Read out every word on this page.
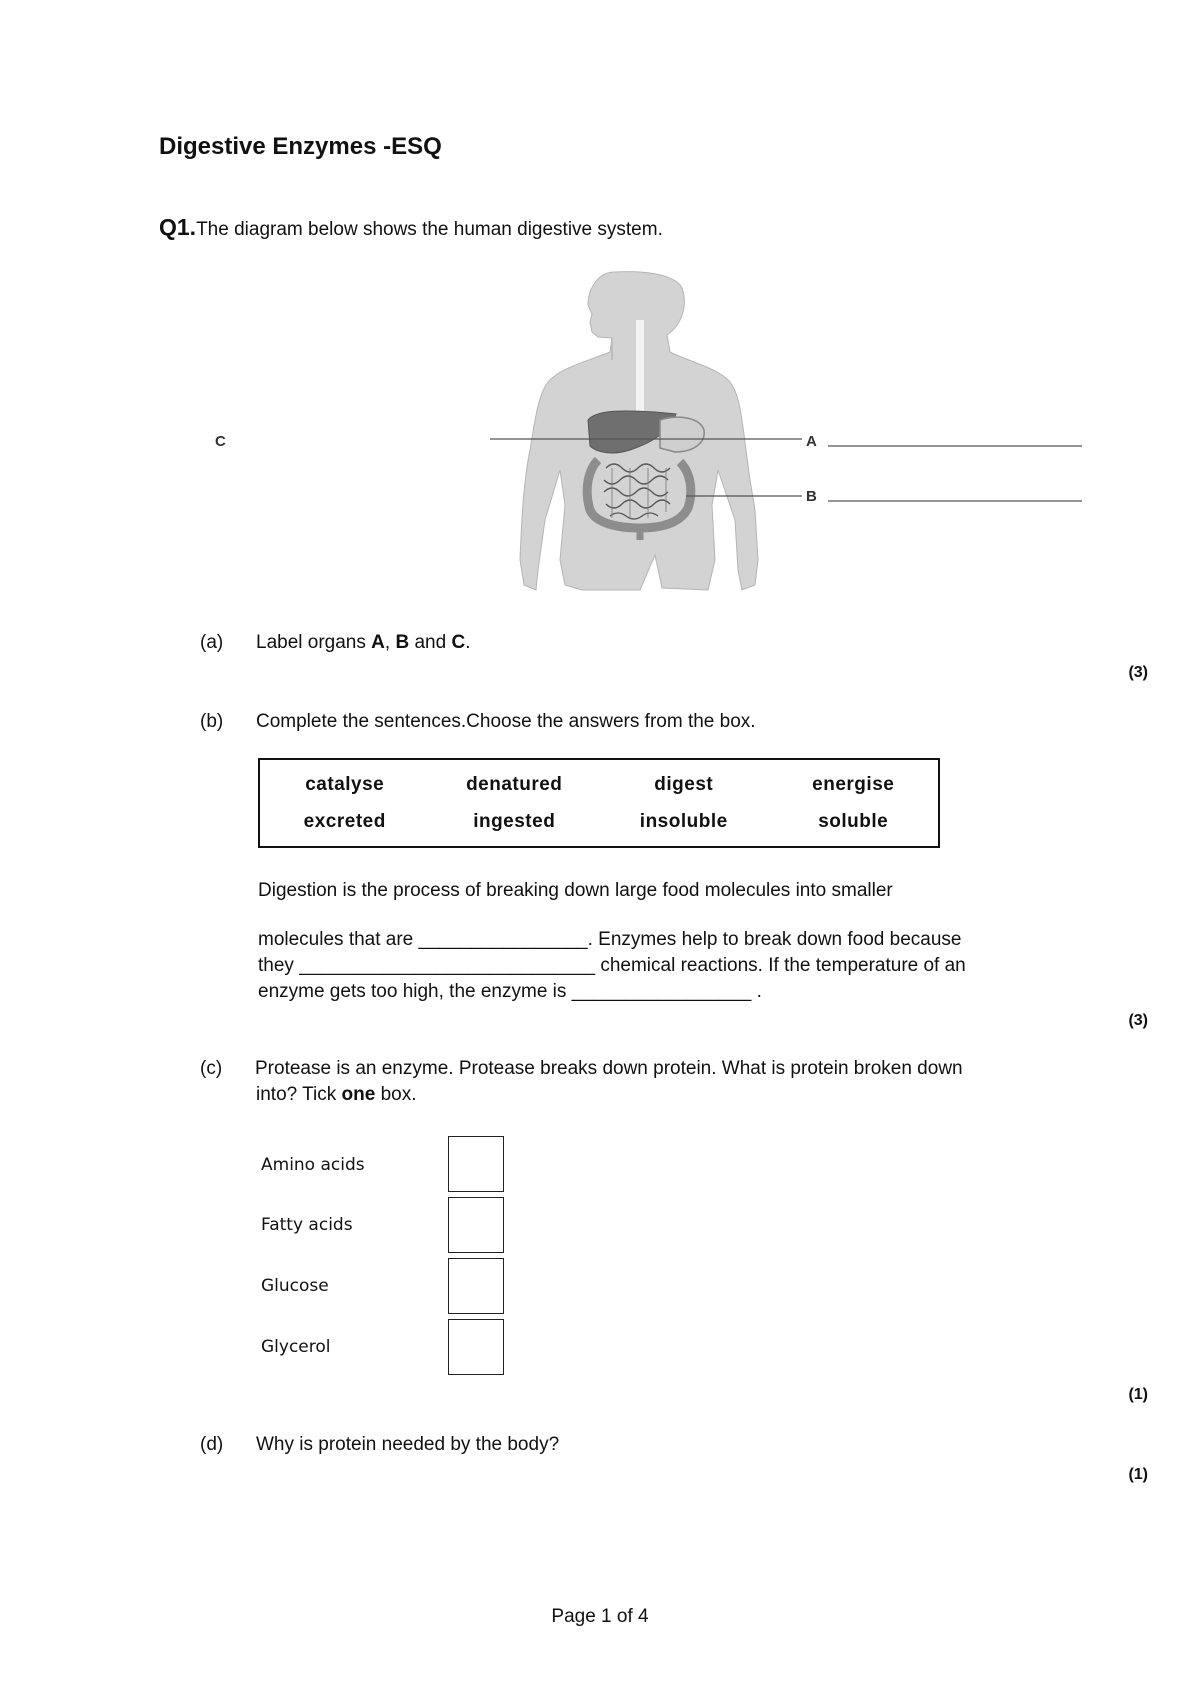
Digestive Enzymes -ESQ
Q1.The diagram below shows the human digestive system.
C	A
B
(a) Label organs A, B and C.
(3)
(b) Complete the sentences.Choose the answers from the box.
catalyse	denatured	digest	energise
excreted	ingested	insoluble	soluble
Digestion is the process of breaking down large food molecules into smaller
molecules that are ________________. Enzymes help to break down food because
they ____________________________ chemical reactions. If the temperature of an
enzyme gets too high, the enzyme is _________________ .
(3)
(c) Protease is an enzyme. Protease breaks down protein. What is protein broken down
into? Tick one box.
Amino acids
Fatty acids
Glucose
Glycerol
(1)
(d) Why is protein needed by the body?
(1)
Page 1 of 4
